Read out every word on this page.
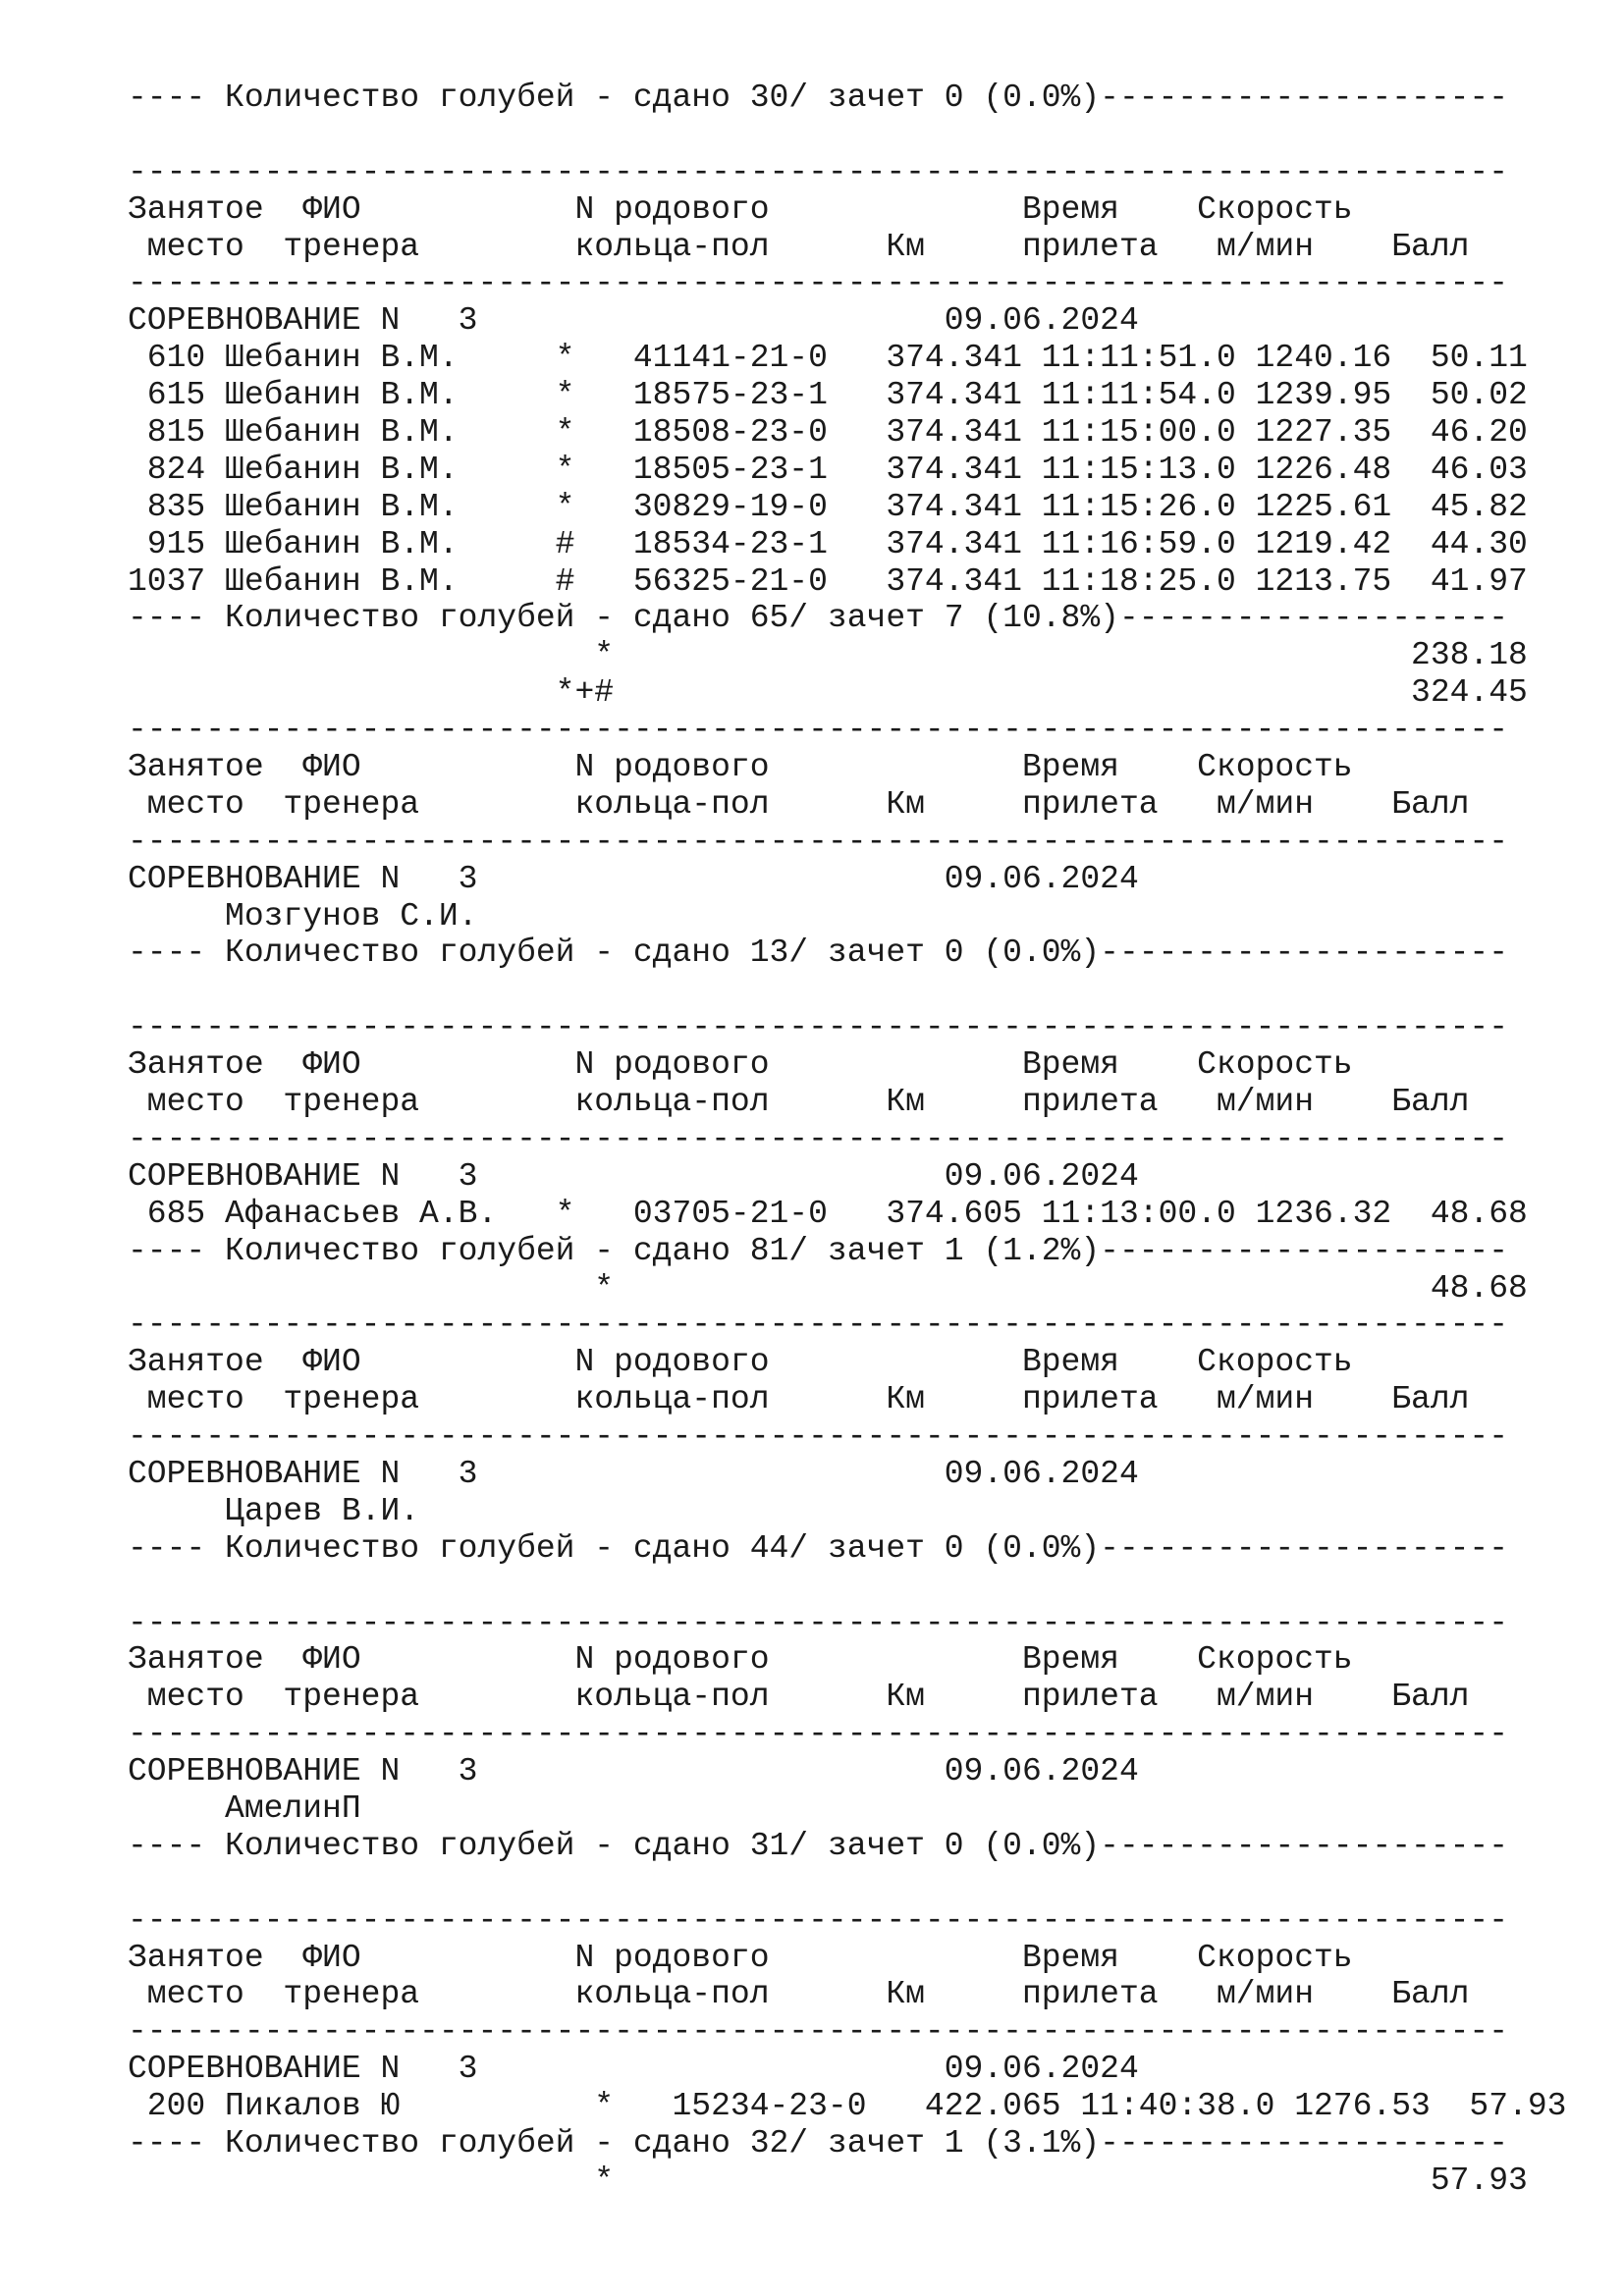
---- Количество голубей - сдано 30/ зачет 0 (0.0%)---------------------

-----------------------------------------------------------------------
Занятое  ФИО           N родового             Время    Скорость
место  тренера        кольца-пол      Км     прилета   м/мин    Балл
-----------------------------------------------------------------------
СОРЕВНОВАНИЕ N   3                        09.06.2024
610 Шебанин В.М.     *   41141-21-0   374.341 11:11:51.0 1240.16  50.11
615 Шебанин В.М.     *   18575-23-1   374.341 11:11:54.0 1239.95  50.02
815 Шебанин В.М.     *   18508-23-0   374.341 11:15:00.0 1227.35  46.20
824 Шебанин В.М.     *   18505-23-1   374.341 11:15:13.0 1226.48  46.03
835 Шебанин В.М.     *   30829-19-0   374.341 11:15:26.0 1225.61  45.82
915 Шебанин В.М.     #   18534-23-1   374.341 11:16:59.0 1219.42  44.30
1037 Шебанин В.М.     #   56325-21-0   374.341 11:18:25.0 1213.75  41.97
---- Количество голубей - сдано 65/ зачет 7 (10.8%)--------------------
*                                         238.18
*+#                                         324.45
-----------------------------------------------------------------------
Занятое  ФИО           N родового             Время    Скорость
место  тренера        кольца-пол      Км     прилета   м/мин    Балл
-----------------------------------------------------------------------
СОРЕВНОВАНИЕ N   3                        09.06.2024
Мозгунов С.И.
---- Количество голубей - сдано 13/ зачет 0 (0.0%)---------------------

-----------------------------------------------------------------------
Занятое  ФИО           N родового             Время    Скорость
место  тренера        кольца-пол      Км     прилета   м/мин    Балл
-----------------------------------------------------------------------
СОРЕВНОВАНИЕ N   3                        09.06.2024
685 Афанасьев А.В.   *   03705-21-0   374.605 11:13:00.0 1236.32  48.68
---- Количество голубей - сдано 81/ зачет 1 (1.2%)---------------------
*                                          48.68
-----------------------------------------------------------------------
Занятое  ФИО           N родового             Время    Скорость
место  тренера        кольца-пол      Км     прилета   м/мин    Балл
-----------------------------------------------------------------------
СОРЕВНОВАНИЕ N   3                        09.06.2024
Царев В.И.
---- Количество голубей - сдано 44/ зачет 0 (0.0%)---------------------

-----------------------------------------------------------------------
Занятое  ФИО           N родового             Время    Скорость
место  тренера        кольца-пол      Км     прилета   м/мин    Балл
-----------------------------------------------------------------------
СОРЕВНОВАНИЕ N   3                        09.06.2024
АмелинП
---- Количество голубей - сдано 31/ зачет 0 (0.0%)---------------------

-----------------------------------------------------------------------
Занятое  ФИО           N родового             Время    Скорость
место  тренера        кольца-пол      Км     прилета   м/мин    Балл
-----------------------------------------------------------------------
СОРЕВНОВАНИЕ N   3                        09.06.2024
200 Пикалов Ю          *   15234-23-0   422.065 11:40:38.0 1276.53  57.93
---- Количество голубей - сдано 32/ зачет 1 (3.1%)---------------------
*                                          57.93
